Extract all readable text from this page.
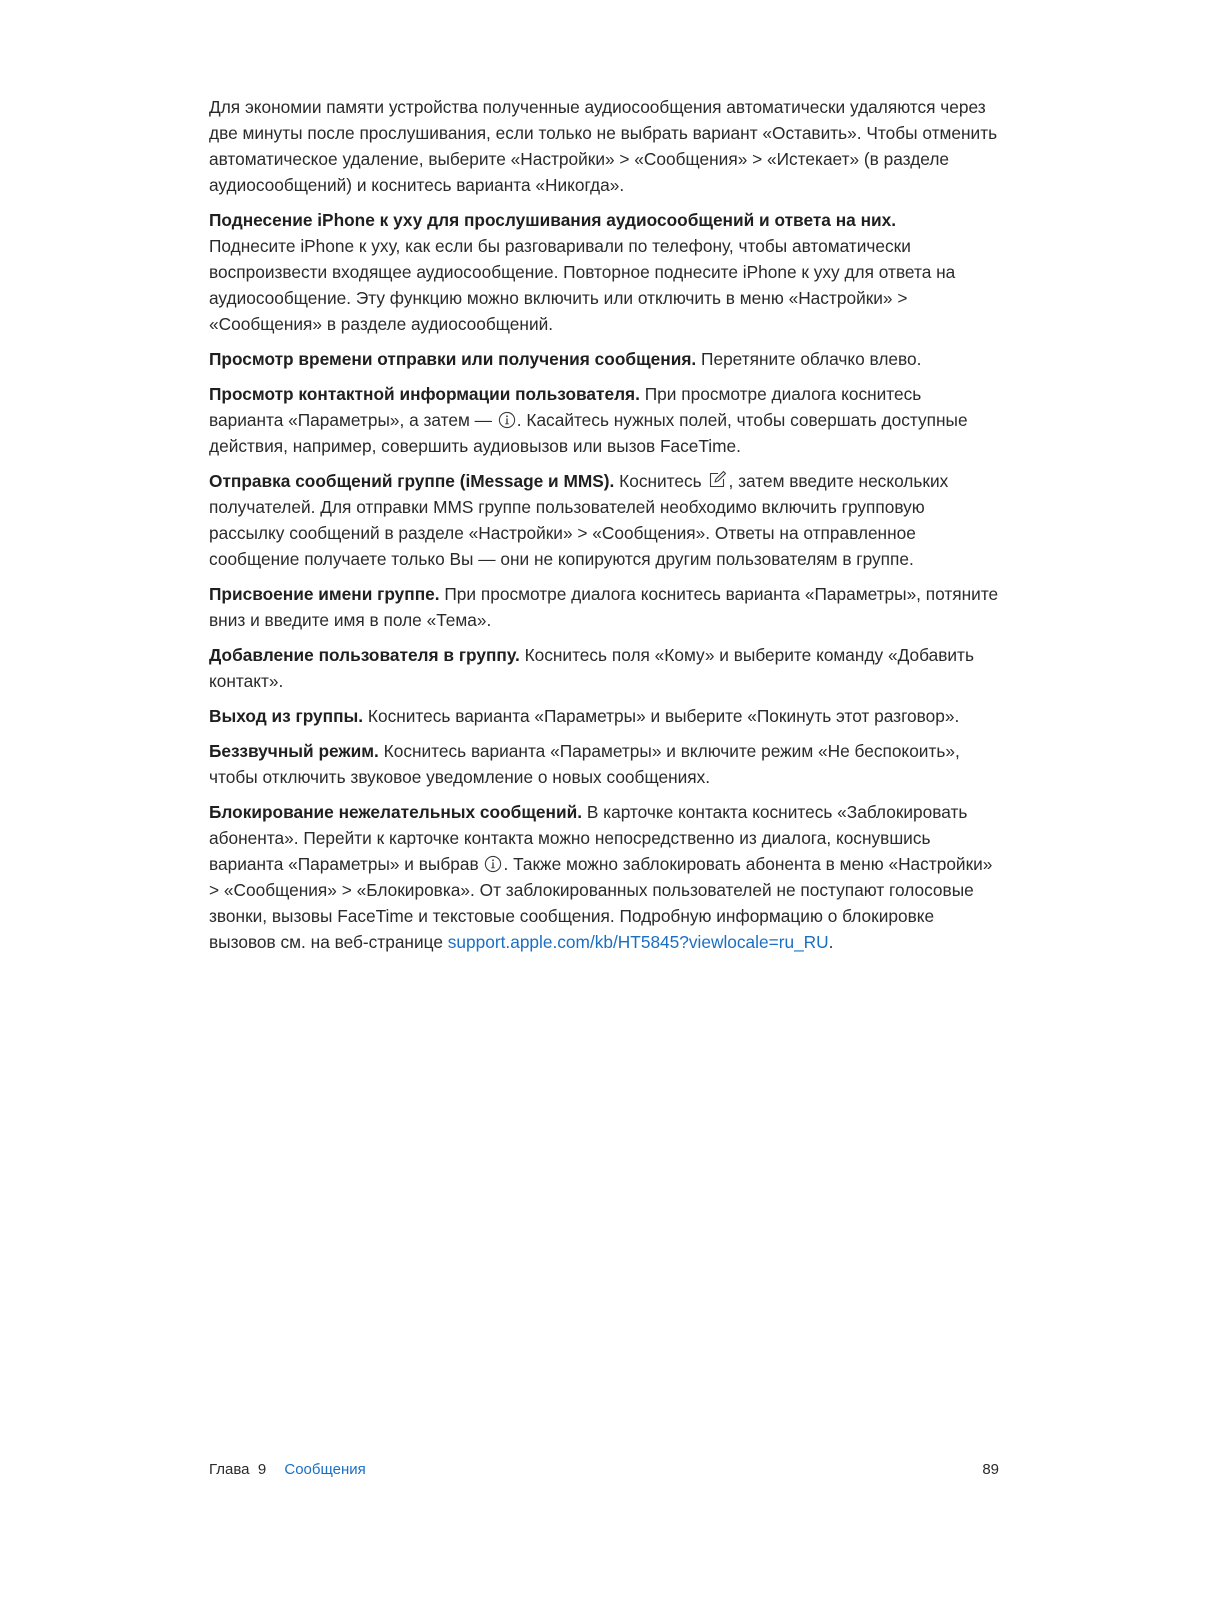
Для экономии памяти устройства полученные аудиосообщения автоматически удаляются через две минуты после прослушивания, если только не выбрать вариант «Оставить». Чтобы отменить автоматическое удаление, выберите «Настройки» > «Сообщения» > «Истекает» (в разделе аудиосообщений) и коснитесь варианта «Никогда».

Поднесение iPhone к уху для прослушивания аудиосообщений и ответа на них.
Поднесите iPhone к уху, как если бы разговаривали по телефону, чтобы автоматически воспроизвести входящее аудиосообщение. Повторное поднесите iPhone к уху для ответа на аудиосообщение. Эту функцию можно включить или отключить в меню «Настройки» > «Сообщения» в разделе аудиосообщений.

Просмотр времени отправки или получения сообщения. Перетяните облачко влево.

Просмотр контактной информации пользователя. При просмотре диалога коснитесь варианта «Параметры», а затем — . Касайтесь нужных полей, чтобы совершать доступные действия, например, совершить аудиовызов или вызов FaceTime.

Отправка сообщений группе (iMessage и MMS). Коснитесь , затем введите нескольких получателей. Для отправки MMS группе пользователей необходимо включить групповую рассылку сообщений в разделе «Настройки» > «Сообщения». Ответы на отправленное сообщение получаете только Вы — они не копируются другим пользователям в группе.

Присвоение имени группе. При просмотре диалога коснитесь варианта «Параметры», потяните вниз и введите имя в поле «Тема».

Добавление пользователя в группу. Коснитесь поля «Кому» и выберите команду «Добавить контакт».

Выход из группы. Коснитесь варианта «Параметры» и выберите «Покинуть этот разговор».

Беззвучный режим. Коснитесь варианта «Параметры» и включите режим «Не беспокоить», чтобы отключить звуковое уведомление о новых сообщениях.

Блокирование нежелательных сообщений. В карточке контакта коснитесь «Заблокировать абонента». Перейти к карточке контакта можно непосредственно из диалога, коснувшись варианта «Параметры» и выбрав . Также можно заблокировать абонента в меню «Настройки» > «Сообщения» > «Блокировка». От заблокированных пользователей не поступают голосовые звонки, вызовы FaceTime и текстовые сообщения. Подробную информацию о блокировке вызовов см. на веб-странице support.apple.com/kb/HT5845?viewlocale=ru_RU.

Глава  9 Сообщения	89
